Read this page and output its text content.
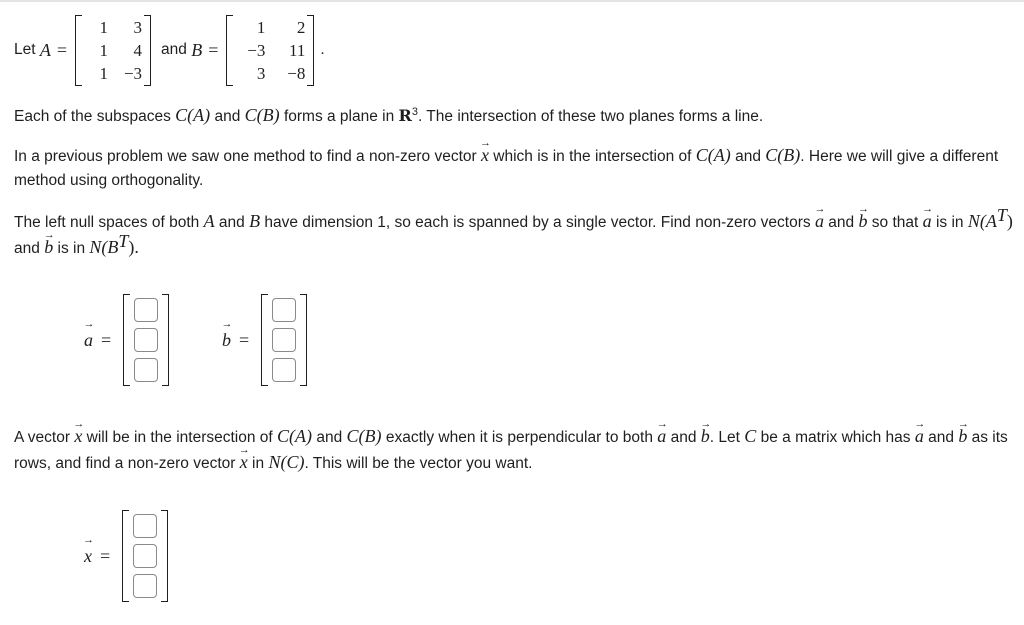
Let
A =
1	3
1	4
1 −3
and
B =
1	2
−3	11
3	−8
.
Each of the subspaces C(A) and C(B) forms a plane in $R^3$. The intersection of these two planes forms a line.
In a previous problem we saw one method to find a non-zero vector x → which is in the intersection of C(A) and C(B). Here we will give a different method using orthogonality.
The left null spaces of both A and B have dimension 1, so each is spanned by a single vector. Find non-zero vectors a → and b → so that a → is in $N(A^T)$ and b → is in $N(B^T)$.
a → =	b → =
A vector x → will be in the intersection of C(A) and C(B) exactly when it is perpendicular to both a → and b →. Let C be a matrix which has a → and b → as its rows, and find a non-zero vector x → in N(C). This will be the vector you want.
x → =
